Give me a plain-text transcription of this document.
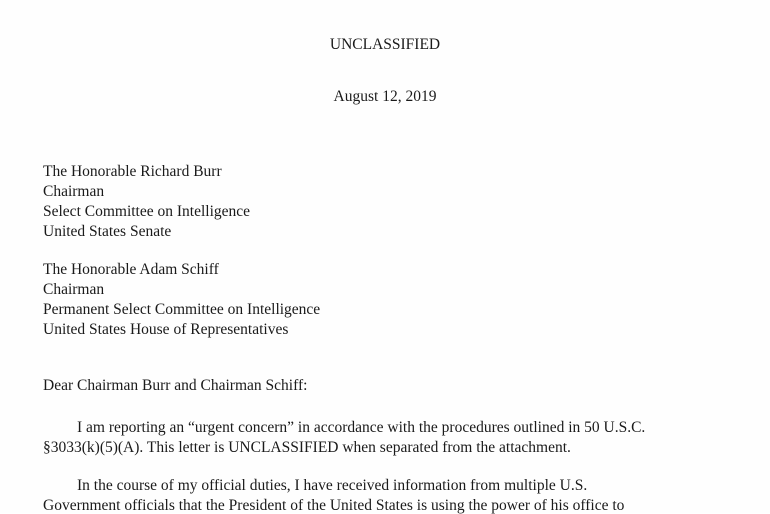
UNCLASSIFIED
August 12, 2019
The Honorable Richard Burr
Chairman
Select Committee on Intelligence
United States Senate
The Honorable Adam Schiff
Chairman
Permanent Select Committee on Intelligence
United States House of Representatives
Dear Chairman Burr and Chairman Schiff:
I am reporting an “urgent concern” in accordance with the procedures outlined in 50 U.S.C.
§3033(k)(5)(A). This letter is UNCLASSIFIED when separated from the attachment.
In the course of my official duties, I have received information from multiple U.S.
Government officials that the President of the United States is using the power of his office to
